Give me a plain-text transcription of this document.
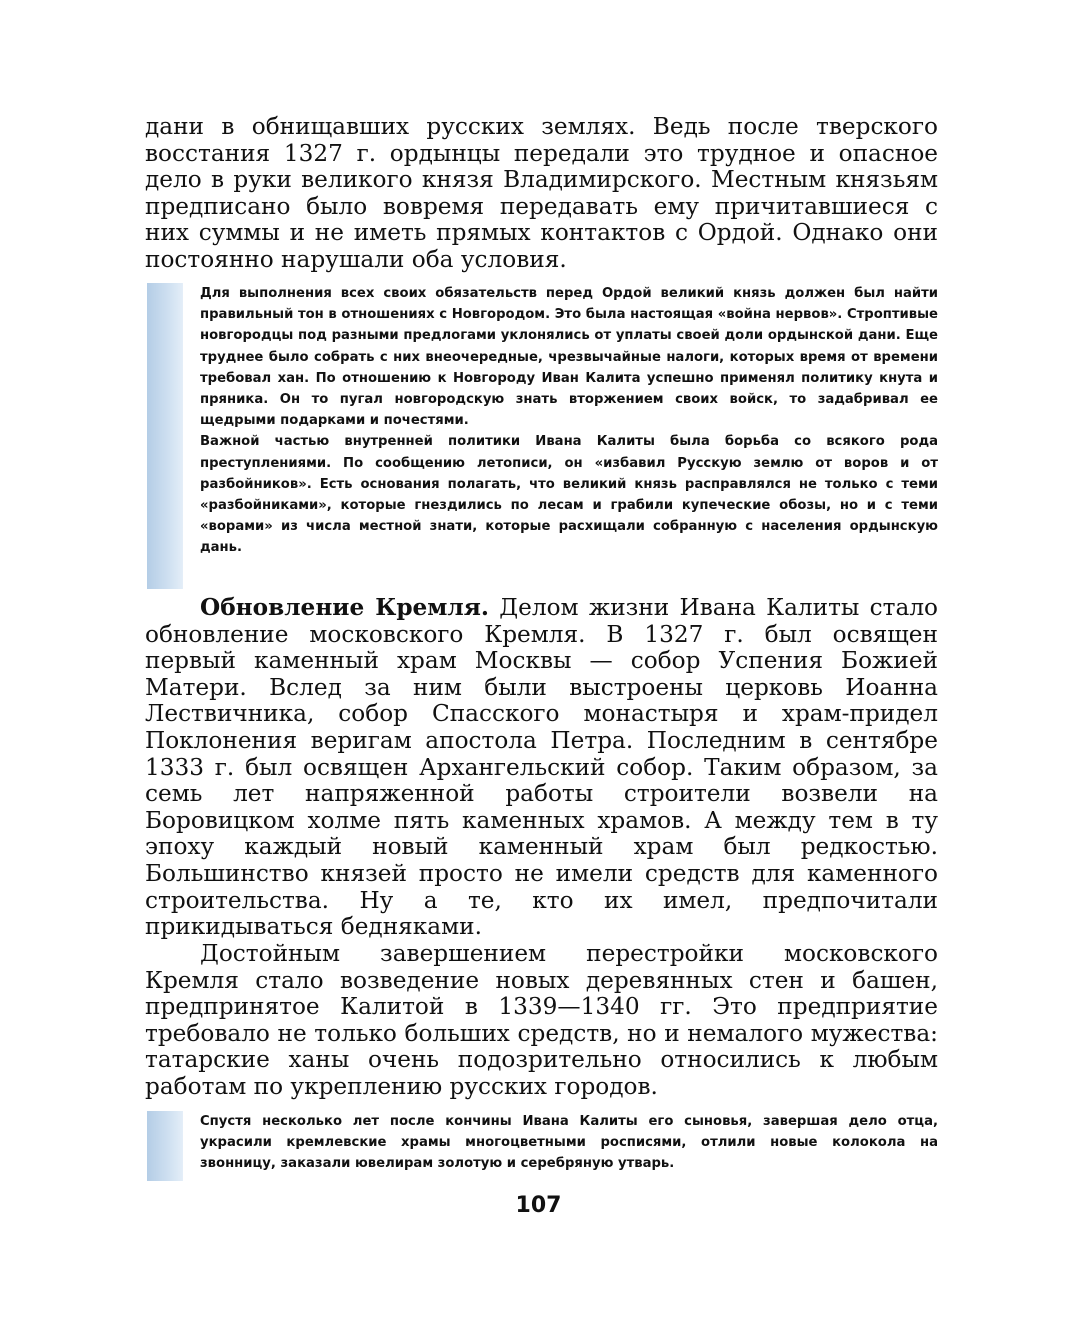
дани в обнищавших русских землях. Ведь после тверского восстания 1327 г. ордынцы передали это трудное и опасное дело в руки великого князя Владимирского. Местным князьям предписано было вовремя передавать ему причитавшиеся с них суммы и не иметь прямых контактов с Ордой. Однако они постоянно нарушали оба условия.

Для выполнения всех своих обязательств перед Ордой великий князь должен был найти правильный тон в отношениях с Новгородом. Это была настоящая «война нервов». Строптивые новгородцы под разными предлогами уклонялись от уплаты своей доли ордынской дани. Еще труднее было собрать с них внеочередные, чрезвычайные налоги, которых время от времени требовал хан. По отношению к Новгороду Иван Калита успешно применял политику кнута и пряника. Он то пугал новгородскую знать вторжением своих войск, то задабривал ее щедрыми подарками и почестями.

Важной частью внутренней политики Ивана Калиты была борьба со всякого рода преступлениями. По сообщению летописи, он «избавил Русскую землю от воров и от разбойников». Есть основания полагать, что великий князь расправлялся не только с теми «разбойниками», которые гнездились по лесам и грабили купеческие обозы, но и с теми «ворами» из числа местной знати, которые расхищали собранную с населения ордынскую дань.

Обновление Кремля. Делом жизни Ивана Калиты стало обновление московского Кремля. В 1327 г. был освящен первый каменный храм Москвы — собор Успения Божией Матери. Вслед за ним были выстроены церковь Иоанна Лествичника, собор Спасского монастыря и храм-придел Поклонения веригам апостола Петра. Последним в сентябре 1333 г. был освящен Архангельский собор. Таким образом, за семь лет напряженной работы строители возвели на Боровицком холме пять каменных храмов. А между тем в ту эпоху каждый новый каменный храм был редкостью. Большинство князей просто не имели средств для каменного строительства. Ну а те, кто их имел, предпочитали прикидываться бедняками.

Достойным завершением перестройки московского Кремля стало возведение новых деревянных стен и башен, предпринятое Калитой в 1339—1340 гг. Это предприятие требовало не только больших средств, но и немалого мужества: татарские ханы очень подозрительно относились к любым работам по укреплению русских городов.

Спустя несколько лет после кончины Ивана Калиты его сыновья, завершая дело отца, украсили кремлевские храмы многоцветными росписями, отлили новые колокола на звонницу, заказали ювелирам золотую и серебряную утварь.

107
